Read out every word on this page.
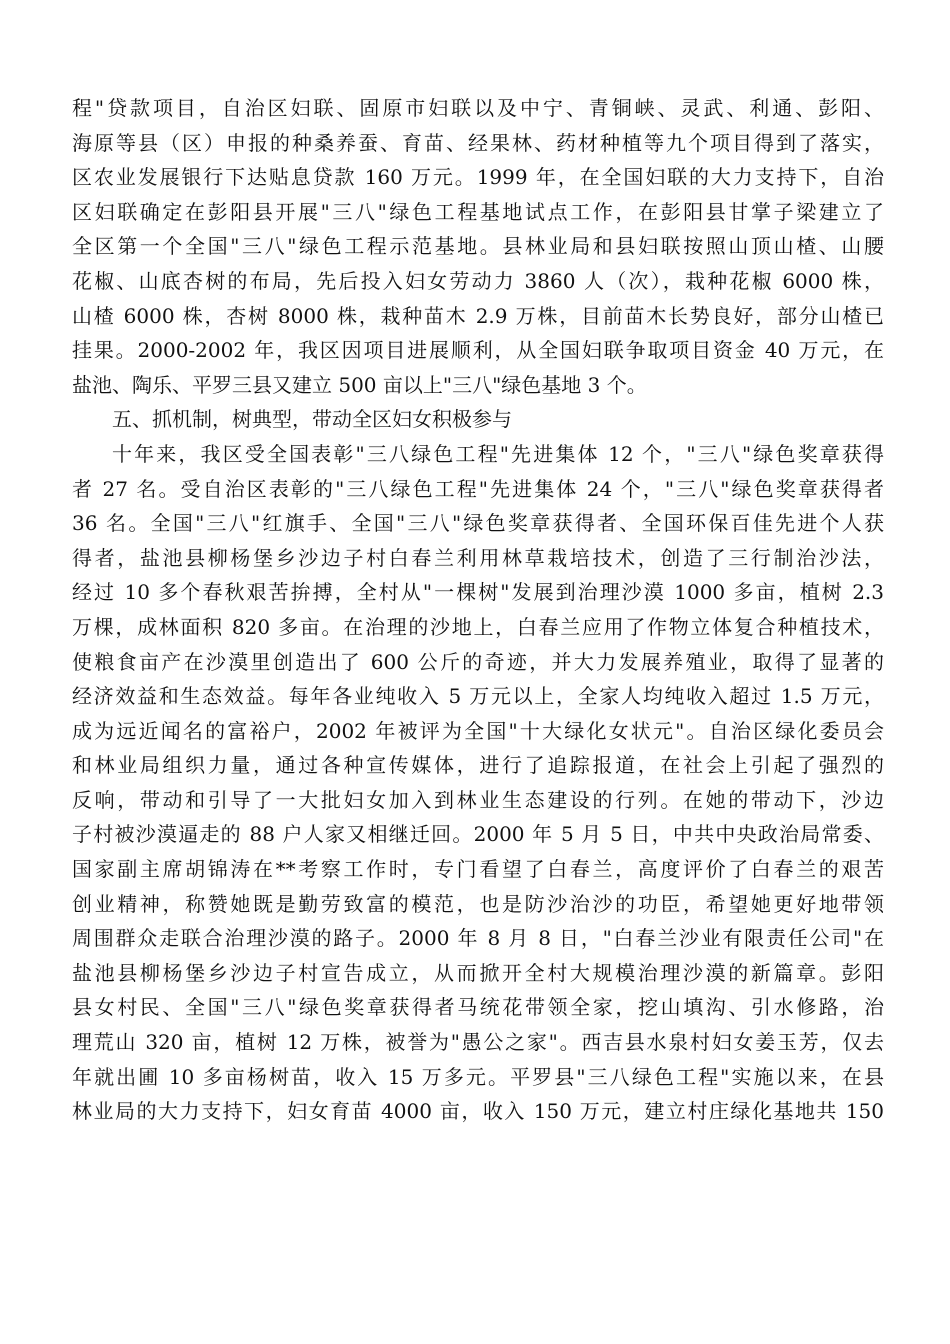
程"贷款项目，自治区妇联、固原市妇联以及中宁、青铜峡、灵武、利通、彭阳、
海原等县（区）申报的种桑养蚕、育苗、经果林、药材种植等九个项目得到了落实，
区农业发展银行下达贴息贷款 160 万元。1999 年，在全国妇联的大力支持下，自治
区妇联确定在彭阳县开展"三八"绿色工程基地试点工作，在彭阳县甘掌子梁建立了
全区第一个全国"三八"绿色工程示范基地。县林业局和县妇联按照山顶山楂、山腰
花椒、山底杏树的布局，先后投入妇女劳动力 3860 人（次），栽种花椒 6000 株，
山楂 6000 株，杏树 8000 株，栽种苗木 2.9 万株，目前苗木长势良好，部分山楂已
挂果。2000-2002 年，我区因项目进展顺利，从全国妇联争取项目资金 40 万元，在
盐池、陶乐、平罗三县又建立 500 亩以上"三八"绿色基地 3 个。
五、抓机制，树典型，带动全区妇女积极参与
十年来，我区受全国表彰"三八绿色工程"先进集体 12 个，"三八"绿色奖章获得
者 27 名。受自治区表彰的"三八绿色工程"先进集体 24 个，"三八"绿色奖章获得者
36 名。全国"三八"红旗手、全国"三八"绿色奖章获得者、全国环保百佳先进个人获
得者，盐池县柳杨堡乡沙边子村白春兰利用林草栽培技术，创造了三行制治沙法，
经过 10 多个春秋艰苦拚搏，全村从"一棵树"发展到治理沙漠 1000 多亩，植树 2.3
万棵，成林面积 820 多亩。在治理的沙地上，白春兰应用了作物立体复合种植技术，
使粮食亩产在沙漠里创造出了 600 公斤的奇迹，并大力发展养殖业，取得了显著的
经济效益和生态效益。每年各业纯收入 5 万元以上，全家人均纯收入超过 1.5 万元，
成为远近闻名的富裕户，2002 年被评为全国"十大绿化女状元"。自治区绿化委员会
和林业局组织力量，通过各种宣传媒体，进行了追踪报道，在社会上引起了强烈的
反响，带动和引导了一大批妇女加入到林业生态建设的行列。在她的带动下，沙边
子村被沙漠逼走的 88 户人家又相继迁回。2000 年 5 月 5 日，中共中央政治局常委、
国家副主席胡锦涛在**考察工作时，专门看望了白春兰，高度评价了白春兰的艰苦
创业精神，称赞她既是勤劳致富的模范，也是防沙治沙的功臣，希望她更好地带领
周围群众走联合治理沙漠的路子。2000 年 8 月 8 日，"白春兰沙业有限责任公司"在
盐池县柳杨堡乡沙边子村宣告成立，从而掀开全村大规模治理沙漠的新篇章。彭阳
县女村民、全国"三八"绿色奖章获得者马统花带领全家，挖山填沟、引水修路，治
理荒山 320 亩，植树 12 万株，被誉为"愚公之家"。西吉县水泉村妇女姜玉芳，仅去
年就出圃 10 多亩杨树苗，收入 15 万多元。平罗县"三八绿色工程"实施以来，在县
林业局的大力支持下，妇女育苗 4000 亩，收入 150 万元，建立村庄绿化基地共 150
